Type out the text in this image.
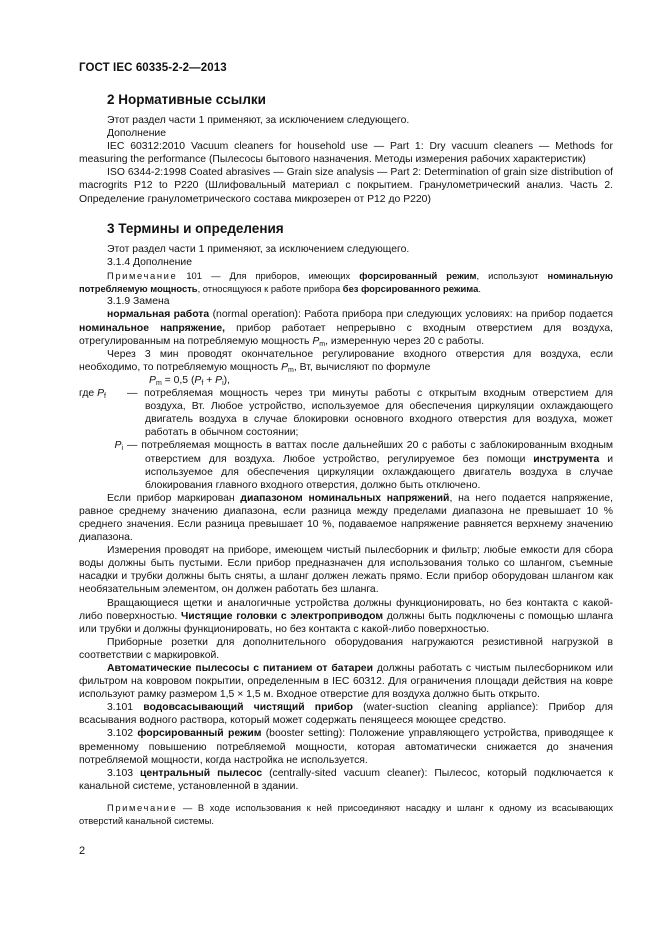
ГОСТ IEC 60335-2-2—2013
2 Нормативные ссылки

Этот раздел части 1 применяют, за исключением следующего.

Дополнение

IEC 60312:2010 Vacuum cleaners for household use — Part 1: Dry vacuum cleaners — Methods for measuring the performance (Пылесосы бытового назначения. Методы измерения рабочих характеристик)

ISO 6344-2:1998 Coated abrasives — Grain size analysis — Part 2: Determination of grain size distribution of macrogrits P12 to P220 (Шлифовальный материал с покрытием. Гранулометрический анализ. Часть 2. Определение гранулометрического состава микрозерен от P12 до P220)

3 Термины и определения

Этот раздел части 1 применяют, за исключением следующего.

3.1.4 Дополнение

Примечание 101 — Для приборов, имеющих форсированный режим, используют номинальную потребляемую мощность, относящуюся к работе прибора без форсированного режима.

3.1.9 Замена

нормальная работа (normal operation): Работа прибора при следующих условиях: на прибор подается номинальное напряжение, прибор работает непрерывно с входным отверстием для воздуха, отрегулированным на потребляемую мощность $P_m$, измеренную через 20 с работы.

Через 3 мин проводят окончательное регулирование входного отверстия для воздуха, если необходимо, то потребляемую мощность $P_m$, Вт, вычисляют по формуле

$P_m = 0,5$ $(P_f + P_i)$,

где $P_f$	— потребляемая мощность через три минуты работы с открытым входным отверстием для воздуха, Вт. Любое устройство, используемое для обеспечения циркуляции охлаждающего двигатель воздуха в случае блокировки основного входного отверстия для воздуха, может работать в обычном состоянии;
$P_i$ — потребляемая мощность в ваттах после дальнейших 20 с работы с заблокированным входным отверстием для воздуха. Любое устройство, регулируемое без помощи инструмента и используемое для обеспечения циркуляции охлаждающего двигатель воздуха в случае блокирования главного входного отверстия, должно быть отключено.

Если прибор маркирован диапазоном номинальных напряжений, на него подается напряжение, равное среднему значению диапазона, если разница между пределами диапазона не превышает 10 % среднего значения. Если разница превышает 10 %, подаваемое напряжение равняется верхнему значению диапазона.

Измерения проводят на приборе, имеющем чистый пылесборник и фильтр; любые емкости для сбора воды должны быть пустыми. Если прибор предназначен для использования только со шлангом, съемные насадки и трубки должны быть сняты, а шланг должен лежать прямо. Если прибор оборудован шлангом как необязательным элементом, он должен работать без шланга.

Вращающиеся щетки и аналогичные устройства должны функционировать, но без контакта с какой-либо поверхностью. Чистящие головки с электроприводом должны быть подключены с помощью шланга или трубки и должны функционировать, но без контакта с какой-либо поверхностью.

Приборные розетки для дополнительного оборудования нагружаются резистивной нагрузкой в соответствии с маркировкой.

Автоматические пылесосы с питанием от батареи должны работать с чистым пылесборником или фильтром на ковровом покрытии, определенным в IEC 60312. Для ограничения площади действия на ковре используют рамку размером 1,5 × 1,5 м. Входное отверстие для воздуха должно быть открыто.

3.101 водовсасывающий чистящий прибор (water-suction cleaning appliance): Прибор для всасывания водного раствора, который может содержать пенящееся моющее средство.

3.102 форсированный режим (booster setting): Положение управляющего устройства, приводящее к временному повышению потребляемой мощности, которая автоматически снижается до значения потребляемой мощности, когда настройка не используется.

3.103 центральный пылесос (centrally-sited vacuum cleaner): Пылесос, который подключается к канальной системе, установленной в здании.

Примечание — В ходе использования к ней присоединяют насадку и шланг к одному из всасывающих отверстий канальной системы.

2
